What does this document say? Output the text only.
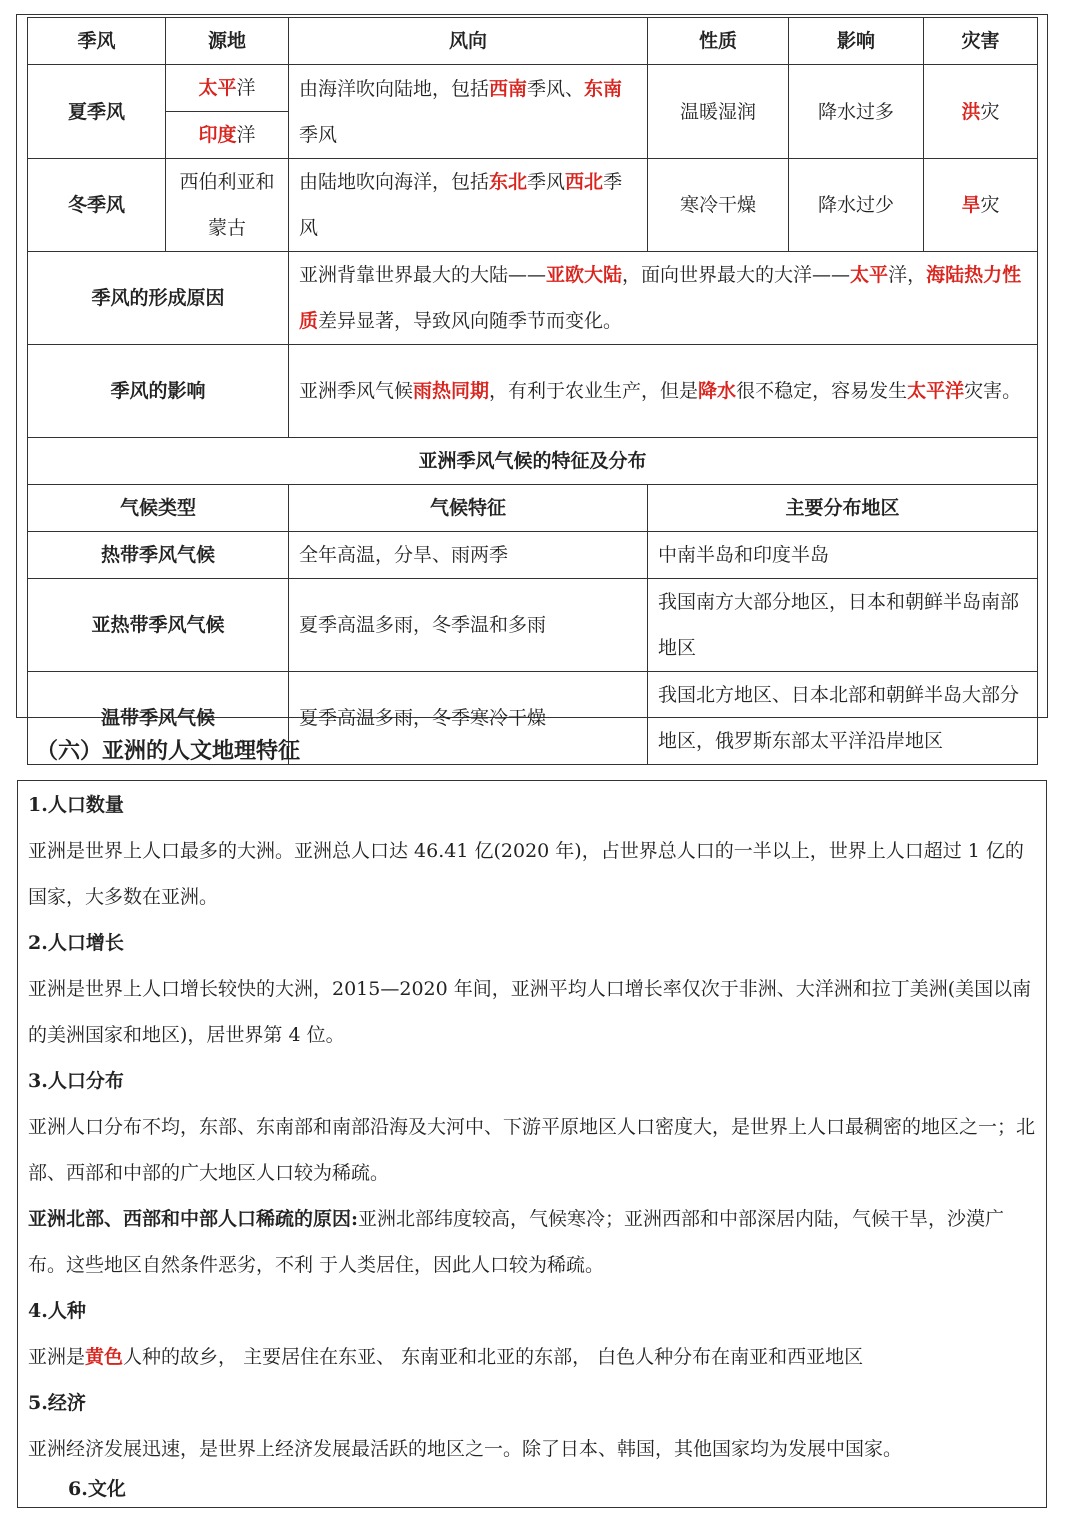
季风	源地	风向	性质	影响	灾害
夏季风	太平洋	由海洋吹向陆地，包括西南季风、东南季风	温暖湿润	降水过多	洪灾
	印度洋				
冬季风	西伯利亚和蒙古	由陆地吹向海洋，包括东北季风西北季风	寒冷干燥	降水过少	旱灾
季风的形成原因		亚洲背靠世界最大的大陆——亚欧大陆，面向世界最大的大洋——太平洋，海陆热力性质差异显著，导致风向随季节而变化。			
季风的影响		亚洲季风气候雨热同期，有利于农业生产，但是降水很不稳定，容易发生太平洋灾害。			
亚洲季风气候的特征及分布					
气候类型		气候特征	主要分布地区		
热带季风气候		全年高温，分旱、雨两季	中南半岛和印度半岛		
亚热带季风气候		夏季高温多雨，冬季温和多雨	我国南方大部分地区，日本和朝鲜半岛南部地区		
温带季风气候		夏季高温多雨，冬季寒冷干燥	我国北方地区、日本北部和朝鲜半岛大部分地区，俄罗斯东部太平洋沿岸地区		
（六）亚洲的人文地理特征
1.人口数量

亚洲是世界上人口最多的大洲。亚洲总人口达 46.41 亿(2020 年)，占世界总人口的一半以上，世界上人口超过 1 亿的国家，大多数在亚洲。

2.人口增长

亚洲是世界上人口增长较快的大洲，2015—2020 年间，亚洲平均人口增长率仅次于非洲、大洋洲和拉丁美洲(美国以南的美洲国家和地区)，居世界第 4 位。

3.人口分布

亚洲人口分布不均，东部、东南部和南部沿海及大河中、下游平原地区人口密度大，是世界上人口最稠密的地区之一；北部、西部和中部的广大地区人口较为稀疏。

亚洲北部、西部和中部人口稀疏的原因:亚洲北部纬度较高，气候寒冷；亚洲西部和中部深居内陆，气候干旱，沙漠广布。这些地区自然条件恶劣，不利 于人类居住，因此人口较为稀疏。

4.人种

亚洲是黄色人种的故乡， 主要居住在东亚、 东南亚和北亚的东部， 白色人种分布在南亚和西亚地区

5.经济

亚洲经济发展迅速，是世界上经济发展最活跃的地区之一。除了日本、韩国，其他国家均为发展中国家。

6.文化
